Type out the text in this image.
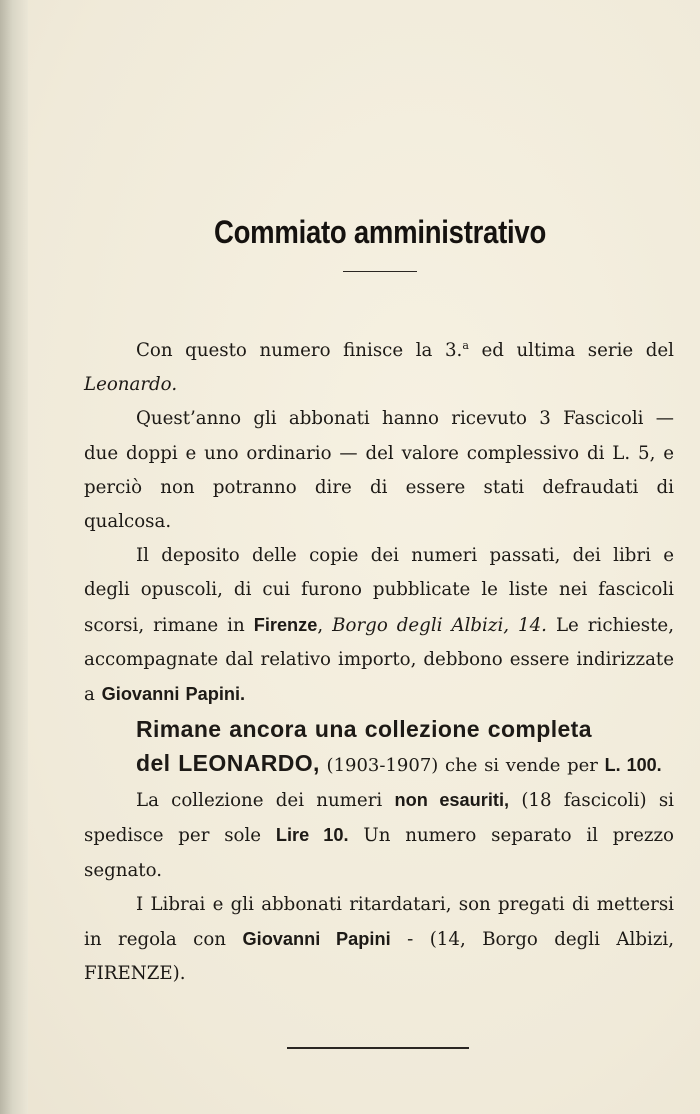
Commiato amministrativo

Con questo numero finisce la 3.$^a$ ed ultima serie del Leonardo.

Quest’anno gli abbonati hanno ricevuto 3 Fascicoli — due doppi e uno ordinario — del valore complessivo di L. 5, e perciò non potranno dire di essere stati defraudati di qualcosa.

Il deposito delle copie dei numeri passati, dei libri e degli opuscoli, di cui furono pubblicate le liste nei fascicoli scorsi, rimane in Firenze, Borgo degli Albizi, 14. Le richieste, accompagnate dal relativo importo, debbono essere indirizzate a Giovanni Papini.

Rimane ancora una collezione completa

del LEONARDO, (1903-1907) che si vende per L. 100.

La collezione dei numeri non esauriti, (18 fascicoli) si spedisce per sole Lire 10. Un numero separato il prezzo segnato.

I Librai e gli abbonati ritardatari, son pregati di mettersi in regola con Giovanni Papini - (14, Borgo degli Albizi, FIRENZE).
